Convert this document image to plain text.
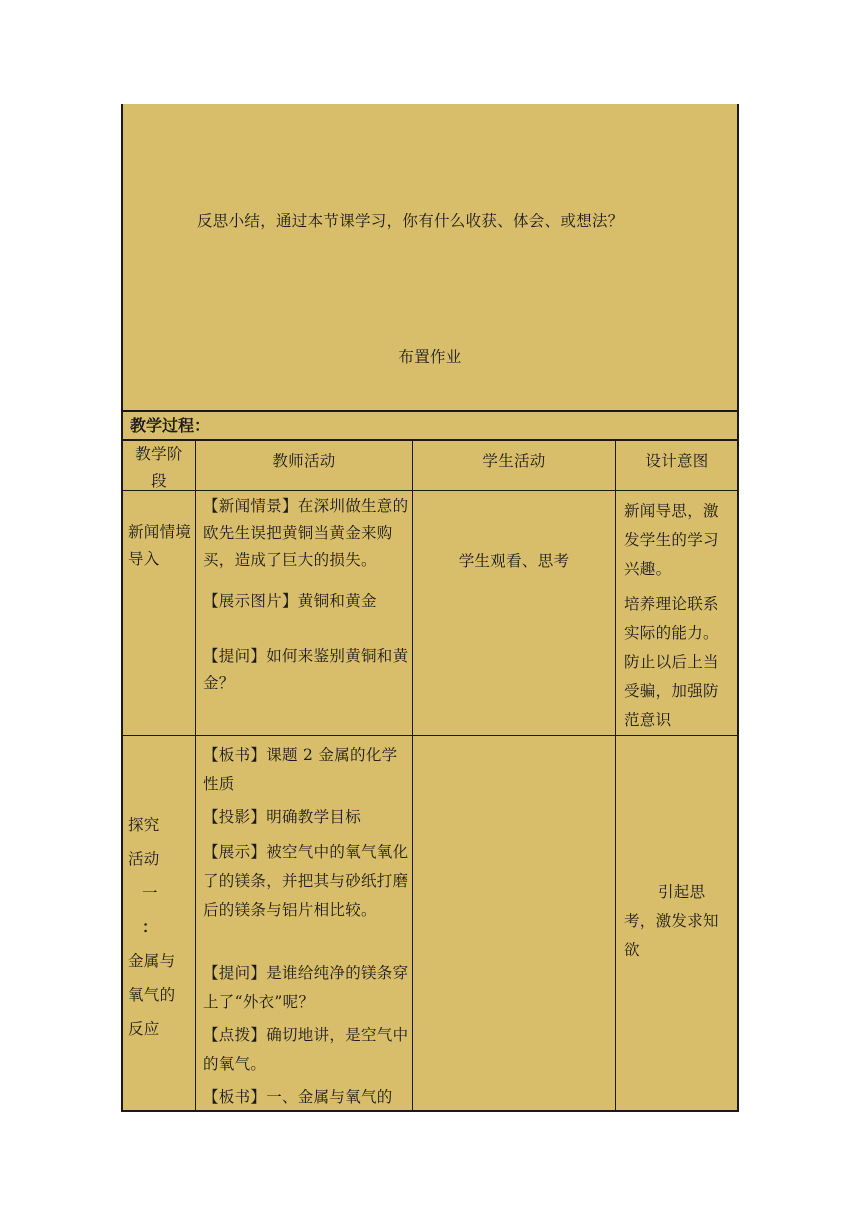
反思小结，通过本节课学习，你有什么收获、体会、或想法？
布置作业
教学过程：
教学阶段
教师活动	学生活动	设计意图
新闻情境导入
【新闻情景】在深圳做生意的欧先生误把黄铜当黄金来购买，造成了巨大的损失。
【展示图片】黄铜和黄金
【提问】如何来鉴别黄铜和黄金？
学生观看、思考
新闻导思，激发学生的学习兴趣。
培养理论联系实际的能力。防止以后上当受骗，加强防范意识
探究
活动
一
：
金属与
氧气的
反应
【板书】课题 2 金属的化学性质
【投影】明确教学目标
【展示】被空气中的氧气氧化了的镁条，并把其与砂纸打磨后的镁条与铝片相比较。
【提问】是谁给纯净的镁条穿上了“外衣”呢？
【点拨】确切地讲，是空气中的氧气。
【板书】一、金属与氧气的
引起思考，激发求知欲
